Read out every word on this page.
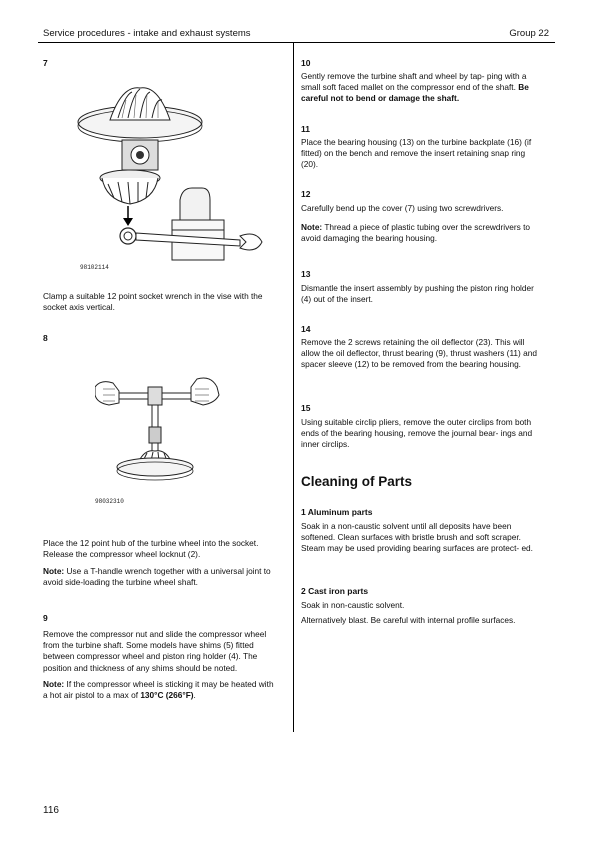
Service procedures - intake and exhaust systems	Group 22
7
98102114
Clamp a suitable 12 point socket wrench in the vise with the socket axis vertical.
8
98032310
Place the 12 point hub of the turbine wheel into the socket. Release the compressor wheel locknut (2).
Note: Use a T-handle wrench together with a universal joint to avoid side-loading the turbine wheel shaft.
9
Remove the compressor nut and slide the compressor wheel from the turbine shaft. Some models have shims (5) fitted between compressor wheel and piston ring holder (4). The position and thickness of any shims should be noted.
Note: If the compressor wheel is sticking it may be heated with a hot air pistol to a max of 130°C (266°F).
10
Gently remove the turbine shaft and wheel by tap- ping with a small soft faced mallet on the compressor end of the shaft. Be careful not to bend or damage the shaft.
11
Place the bearing housing (13) on the turbine backplate (16) (if fitted) on the bench and remove the insert retaining snap ring (20).
12
Carefully bend up the cover (7) using two screwdrivers.
Note: Thread a piece of plastic tubing over the screwdrivers to avoid damaging the bearing housing.
13
Dismantle the insert assembly by pushing the piston ring holder (4) out of the insert.
14
Remove the 2 screws retaining the oil deflector (23). This will allow the oil deflector, thrust bearing (9), thrust washers (11) and spacer sleeve (12) to be removed from the bearing housing.
15
Using suitable circlip pliers, remove the outer circlips from both ends of the bearing housing, remove the journal bear- ings and inner circlips.
Cleaning of Parts
1 Aluminum parts
Soak in a non-caustic solvent until all deposits have been softened. Clean surfaces with bristle brush and soft scraper. Steam may be used providing bearing surfaces are protect- ed.
2 Cast iron parts
Soak in non-caustic solvent.
Alternatively blast. Be careful with internal profile surfaces.
116
